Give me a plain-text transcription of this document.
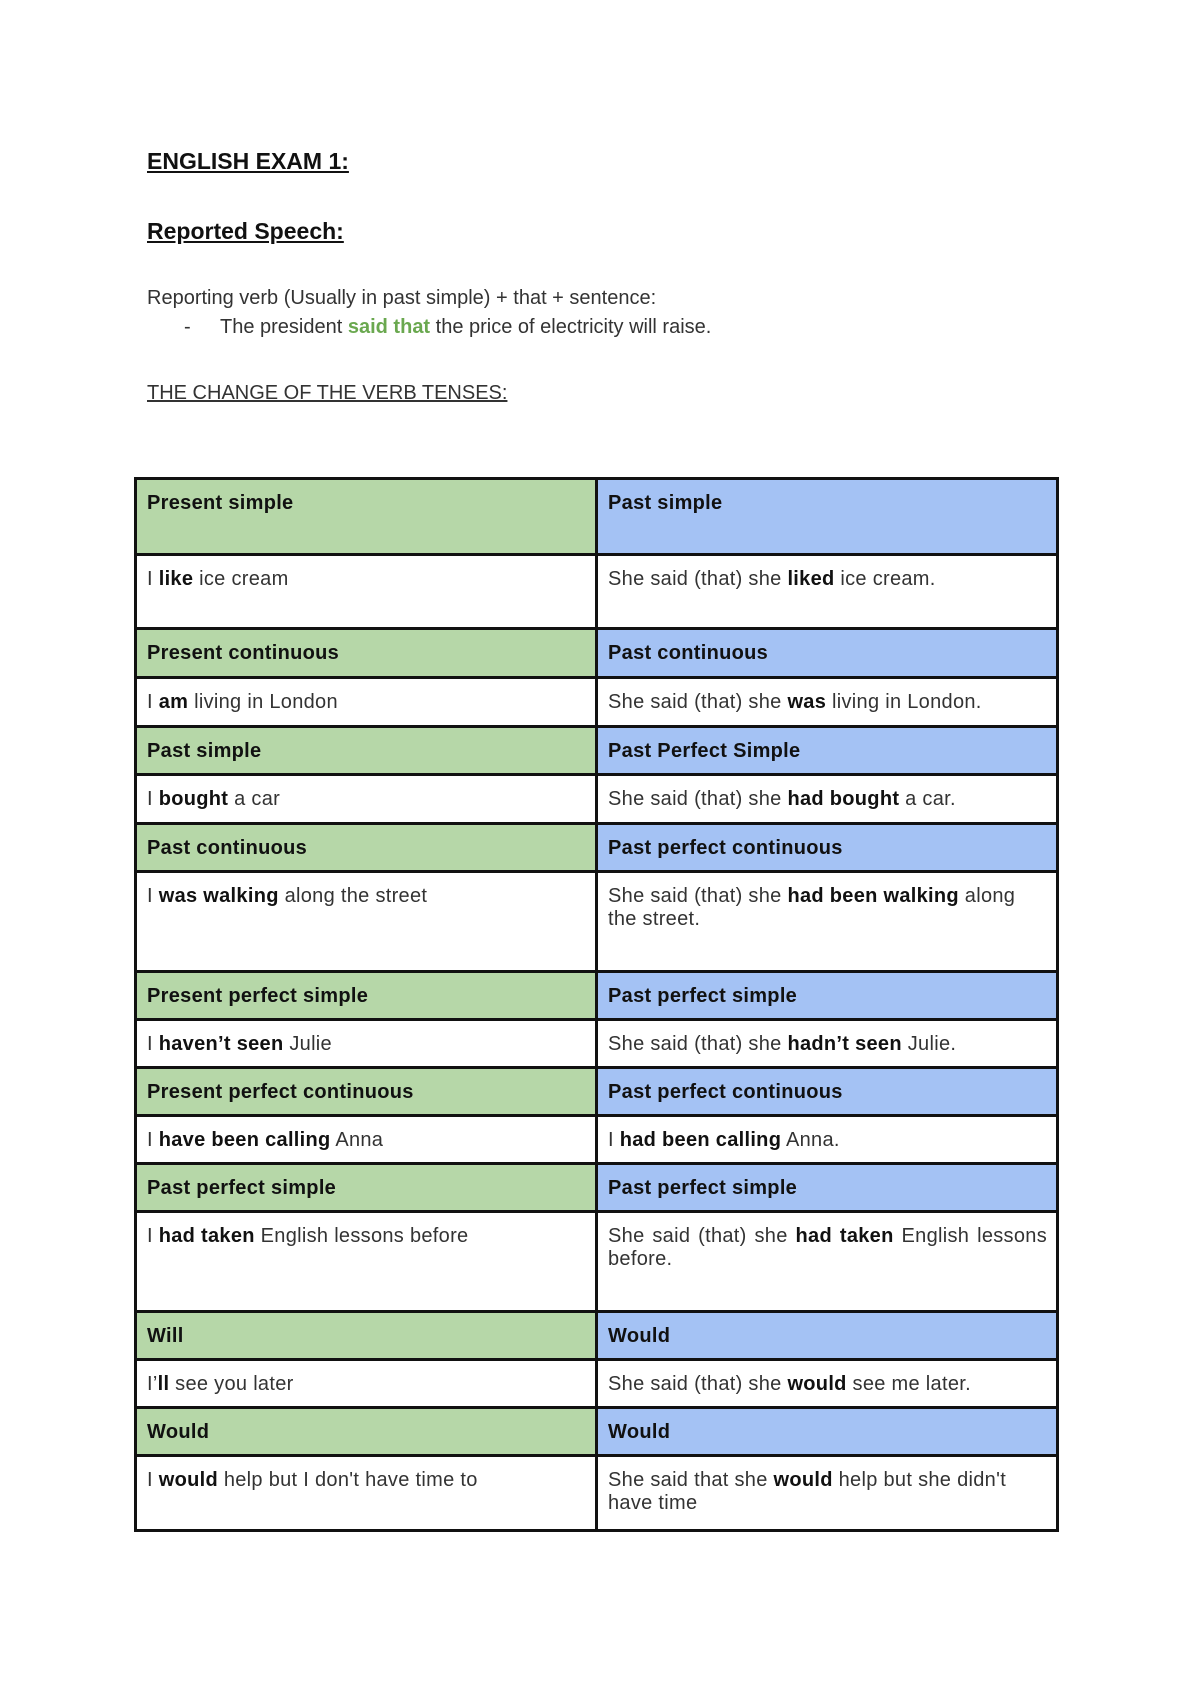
ENGLISH EXAM 1:
Reported Speech:
Reporting verb (Usually in past simple) + that + sentence:
-	The president said that the price of electricity will raise.
THE CHANGE OF THE VERB TENSES:
Present simple	Past simple
I like ice cream	She said (that) she liked ice cream.
Present continuous	Past continuous
I am living in London	She said (that) she was living in London.
Past simple	Past Perfect Simple
I bought a car	She said (that) she had bought a car.
Past continuous	Past perfect continuous
I was walking along the street	She said (that) she had been walking along the street.
Present perfect simple	Past perfect simple
I haven’t seen Julie	She said (that) she hadn’t seen Julie.
Present perfect continuous	Past perfect continuous
I have been calling Anna	I had been calling Anna.
Past perfect simple	Past perfect simple
I had taken English lessons before	She said (that) she had taken English lessons before.
Will	Would
I’ll see you later	She said (that) she would see me later.
Would	Would
I would help but I don't have time to	She said that she would help but she didn't have time
